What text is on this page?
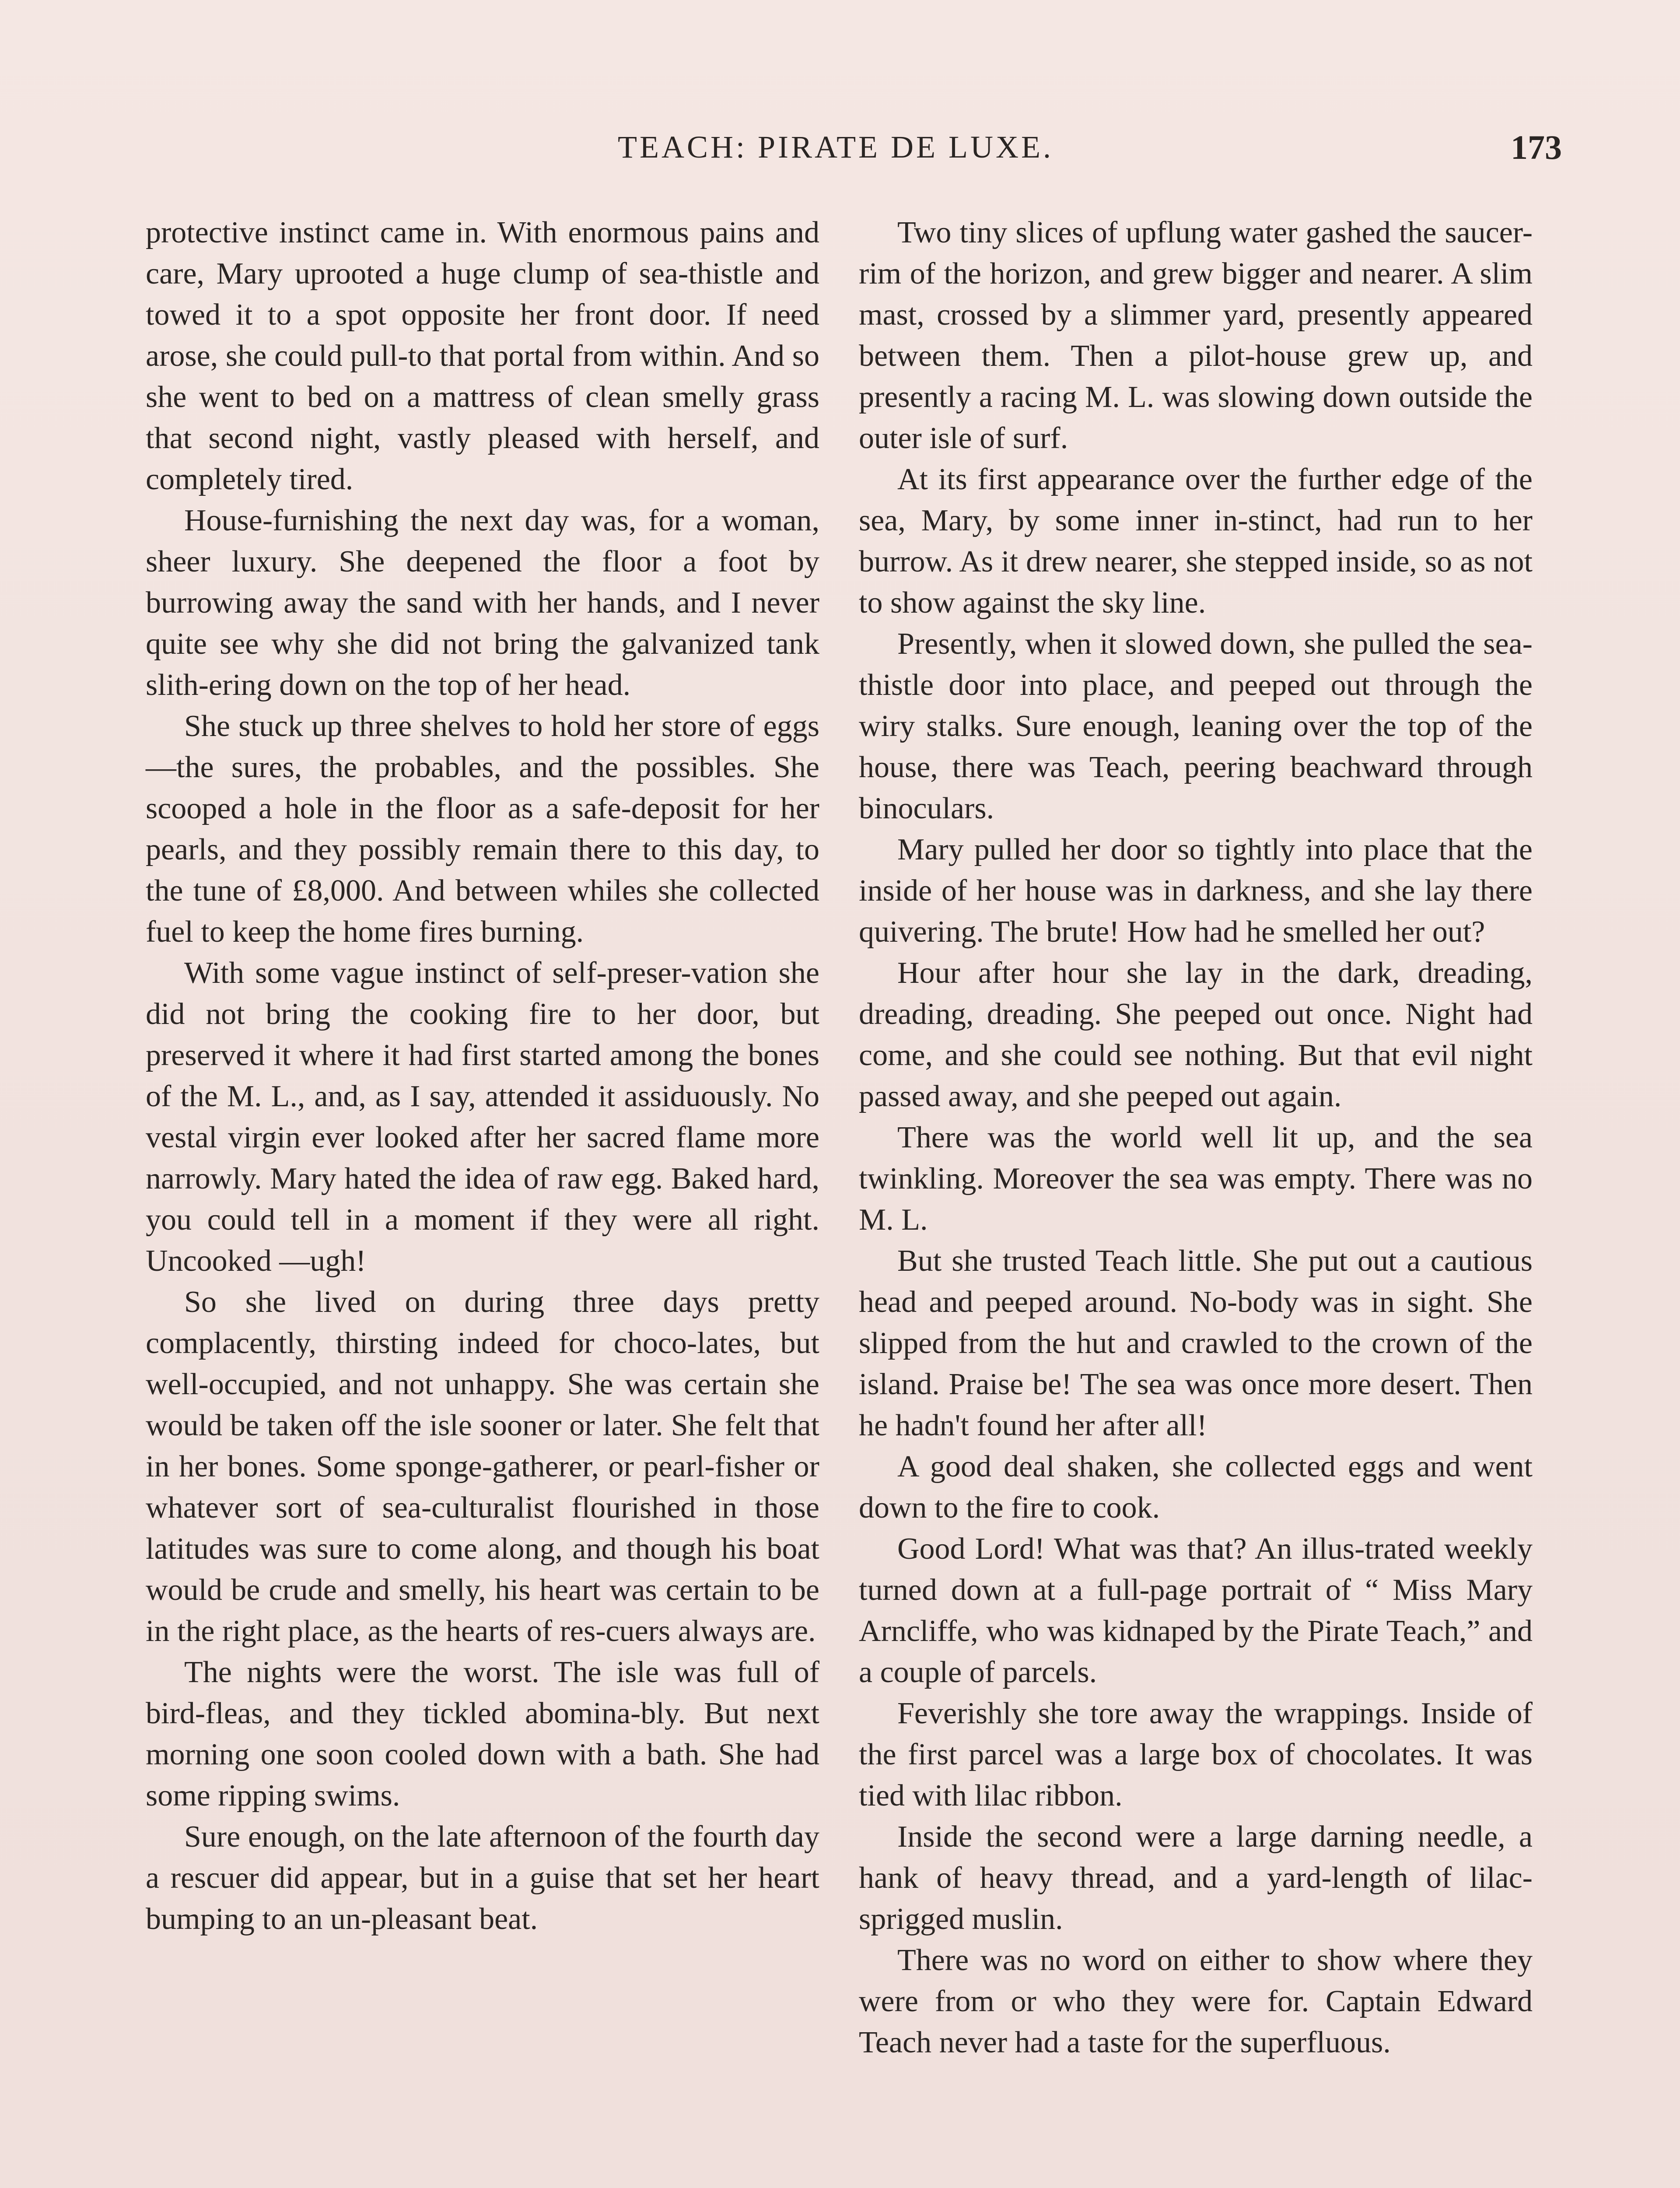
TEACH: PIRATE DE LUXE.	173

protective instinct came in. With enormous pains and care, Mary uprooted a huge clump of sea-thistle and towed it to a spot opposite her front door. If need arose, she could pull-to that portal from within. And so she went to bed on a mattress of clean smelly grass that second night, vastly pleased with herself, and completely tired.

House-furnishing the next day was, for a woman, sheer luxury. She deepened the floor a foot by burrowing away the sand with her hands, and I never quite see why she did not bring the galvanized tank slith-ering down on the top of her head.

She stuck up three shelves to hold her store of eggs—the sures, the probables, and the possibles. She scooped a hole in the floor as a safe-deposit for her pearls, and they possibly remain there to this day, to the tune of £8,000. And between whiles she collected fuel to keep the home fires burning.

With some vague instinct of self-preser-vation she did not bring the cooking fire to her door, but preserved it where it had first started among the bones of the M. L., and, as I say, attended it assiduously. No vestal virgin ever looked after her sacred flame more narrowly. Mary hated the idea of raw egg. Baked hard, you could tell in a moment if they were all right. Uncooked —ugh!

So she lived on during three days pretty complacently, thirsting indeed for choco-lates, but well-occupied, and not unhappy. She was certain she would be taken off the isle sooner or later. She felt that in her bones. Some sponge-gatherer, or pearl-fisher or whatever sort of sea-culturalist flourished in those latitudes was sure to come along, and though his boat would be crude and smelly, his heart was certain to be in the right place, as the hearts of res-cuers always are.

The nights were the worst. The isle was full of bird-fleas, and they tickled abomina-bly. But next morning one soon cooled down with a bath. She had some ripping swims.

Sure enough, on the late afternoon of the fourth day a rescuer did appear, but in a guise that set her heart bumping to an un-pleasant beat.

Two tiny slices of upflung water gashed the saucer-rim of the horizon, and grew bigger and nearer. A slim mast, crossed by a slimmer yard, presently appeared between them. Then a pilot-house grew up, and presently a racing M. L. was slowing down outside the outer isle of surf.

At its first appearance over the further edge of the sea, Mary, by some inner in-stinct, had run to her burrow. As it drew nearer, she stepped inside, so as not to show against the sky line.

Presently, when it slowed down, she pulled the sea-thistle door into place, and peeped out through the wiry stalks. Sure enough, leaning over the top of the house, there was Teach, peering beachward through binoculars.

Mary pulled her door so tightly into place that the inside of her house was in darkness, and she lay there quivering. The brute! How had he smelled her out?

Hour after hour she lay in the dark, dreading, dreading, dreading. She peeped out once. Night had come, and she could see nothing. But that evil night passed away, and she peeped out again.

There was the world well lit up, and the sea twinkling. Moreover the sea was empty. There was no M. L.

But she trusted Teach little. She put out a cautious head and peeped around. No-body was in sight. She slipped from the hut and crawled to the crown of the island. Praise be! The sea was once more desert. Then he hadn't found her after all!

A good deal shaken, she collected eggs and went down to the fire to cook.

Good Lord! What was that? An illus-trated weekly turned down at a full-page portrait of “ Miss Mary Arncliffe, who was kidnaped by the Pirate Teach,” and a couple of parcels.

Feverishly she tore away the wrappings. Inside of the first parcel was a large box of chocolates. It was tied with lilac ribbon.

Inside the second were a large darning needle, a hank of heavy thread, and a yard-length of lilac-sprigged muslin.

There was no word on either to show where they were from or who they were for. Captain Edward Teach never had a taste for the superfluous.
